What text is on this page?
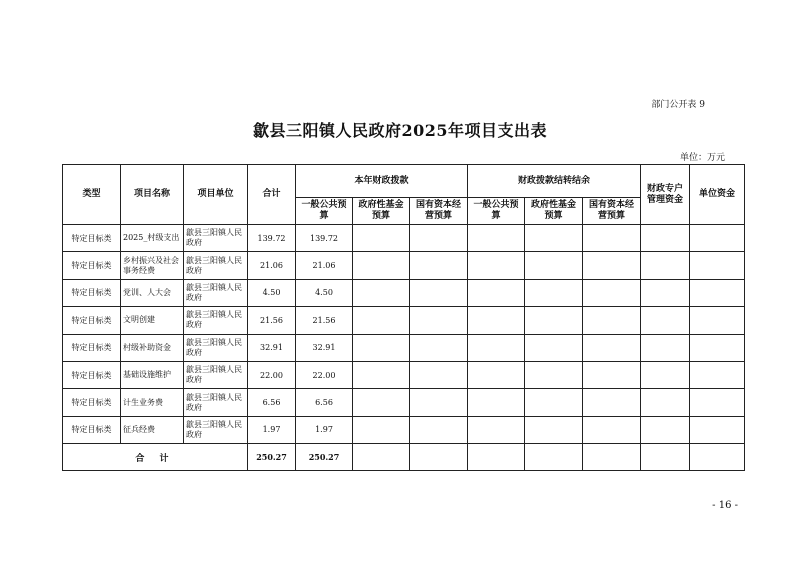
部门公开表 9
歙县三阳镇人民政府2025年项目支出表
单位：万元
类型	项目名称	项目单位	合计	本年财政拨款			财政拨款结转结余			财政专户管理资金	单位资金
				一般公共预算	政府性基金预算	国有资本经营预算	一般公共预算	政府性基金预算	国有资本经营预算		
特定目标类	2025_村级支出	歙县三阳镇人民政府	139.72	139.72							
特定目标类	乡村振兴及社会事务经费	歙县三阳镇人民政府	21.06	21.06							
特定目标类	党训、人大会	歙县三阳镇人民政府	4.50	4.50							
特定目标类	文明创建	歙县三阳镇人民政府	21.56	21.56							
特定目标类	村级补助资金	歙县三阳镇人民政府	32.91	32.91							
特定目标类	基础设施维护	歙县三阳镇人民政府	22.00	22.00							
特定目标类	计生业务费	歙县三阳镇人民政府	6.56	6.56							
特定目标类	征兵经费	歙县三阳镇人民政府	1.97	1.97							
合 计			250.27	250.27							
- 16 -
